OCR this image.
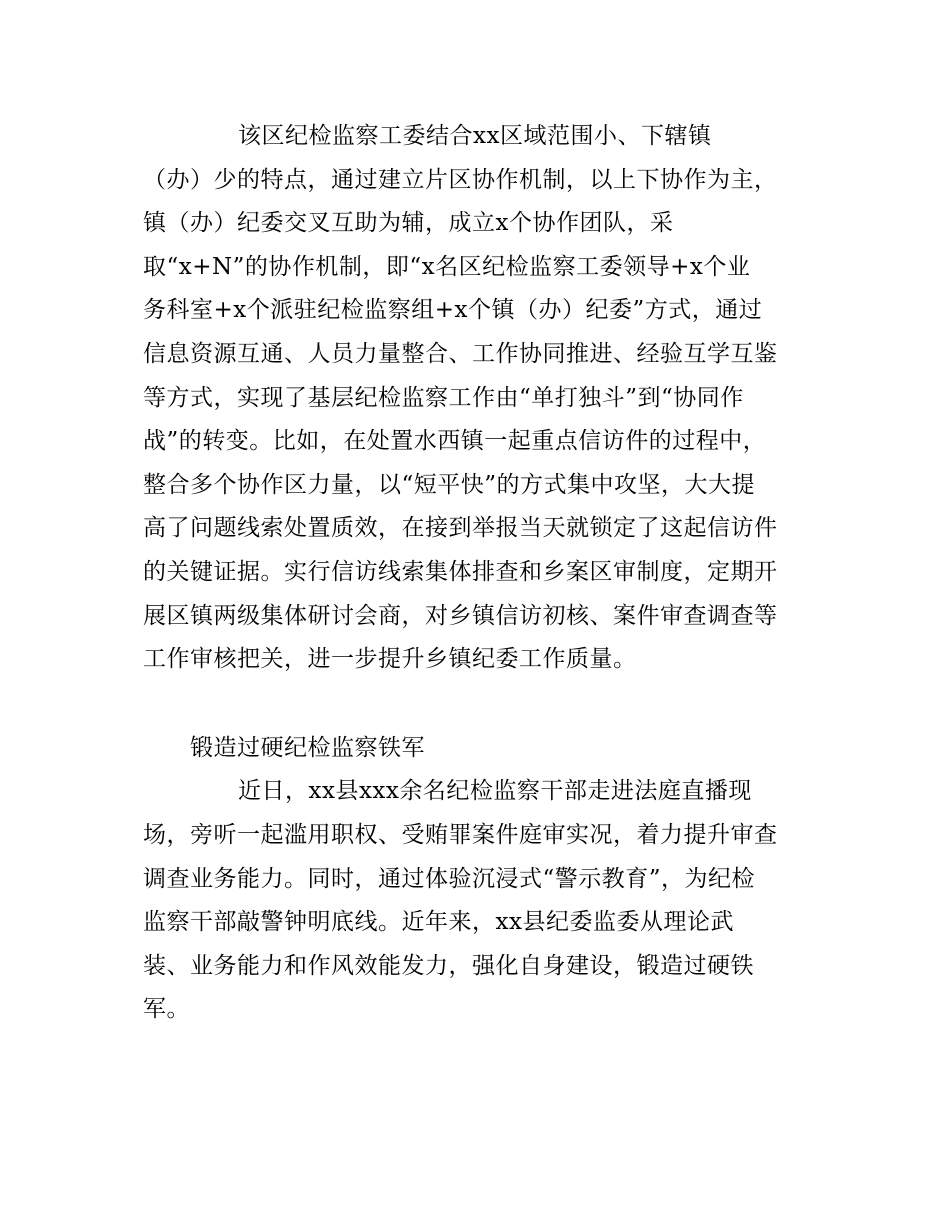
该区纪检监察工委结合xx区域范围小、下辖镇
（办）少的特点，通过建立片区协作机制，以上下协作为主，
镇（办）纪委交叉互助为辅，成立x个协作团队，采
取“x+N”的协作机制，即“x名区纪检监察工委领导+x个业
务科室+x个派驻纪检监察组+x个镇（办）纪委”方式，通过
信息资源互通、人员力量整合、工作协同推进、经验互学互鉴
等方式，实现了基层纪检监察工作由“单打独斗”到“协同作
战”的转变。比如，在处置水西镇一起重点信访件的过程中，
整合多个协作区力量，以“短平快”的方式集中攻坚，大大提
高了问题线索处置质效，在接到举报当天就锁定了这起信访件
的关键证据。实行信访线索集体排查和乡案区审制度，定期开
展区镇两级集体研讨会商，对乡镇信访初核、案件审查调查等
工作审核把关，进一步提升乡镇纪委工作质量。
锻造过硬纪检监察铁军
近日，xx县xxx余名纪检监察干部走进法庭直播现
场，旁听一起滥用职权、受贿罪案件庭审实况，着力提升审查
调查业务能力。同时，通过体验沉浸式“警示教育”，为纪检
监察干部敲警钟明底线。近年来，xx县纪委监委从理论武
装、业务能力和作风效能发力，强化自身建设，锻造过硬铁
军。
